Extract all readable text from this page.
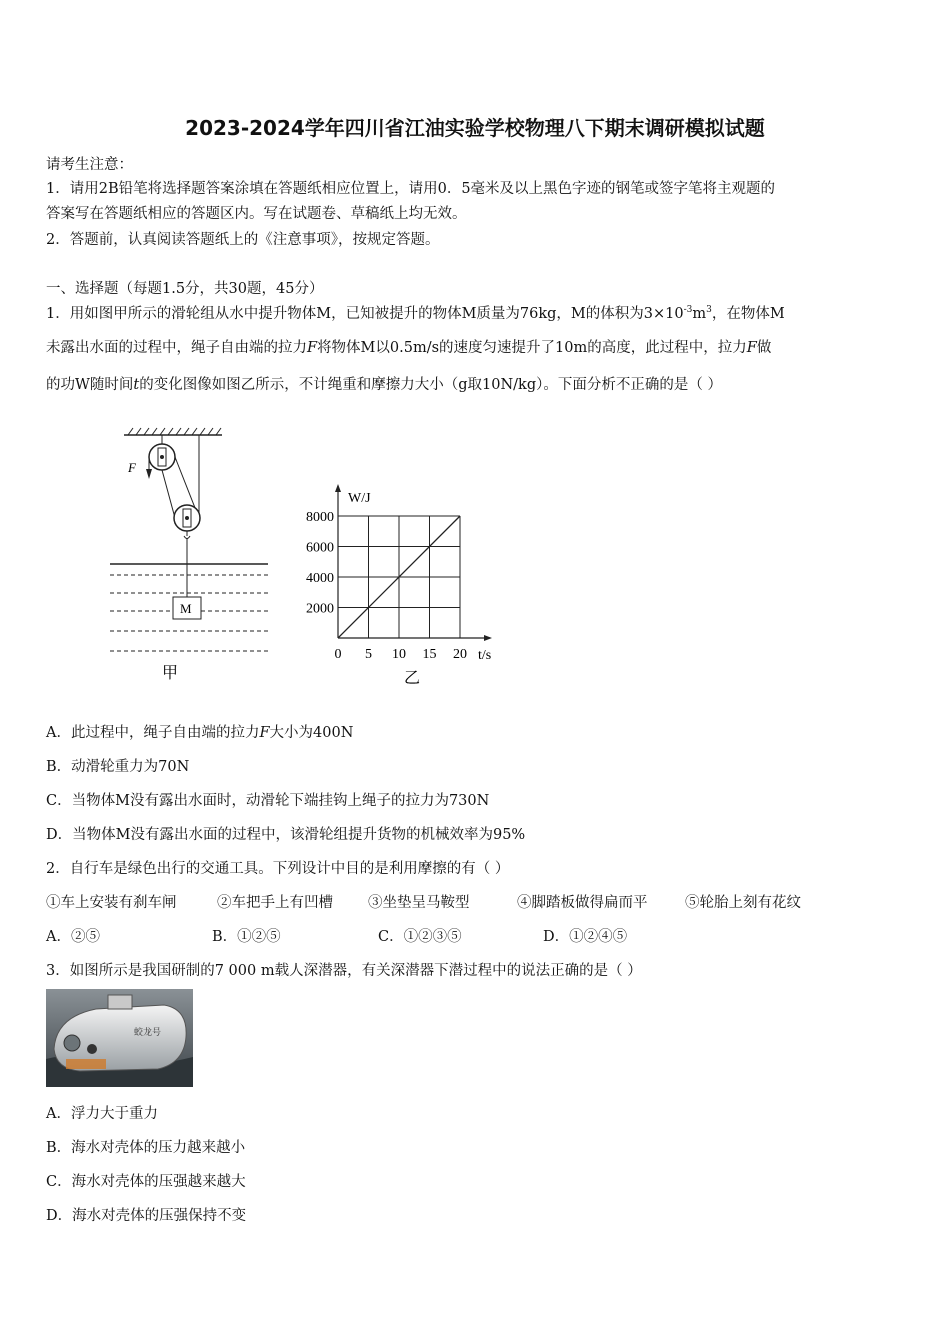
2023-2024学年四川省江油实验学校物理八下期末调研模拟试题
请考生注意：
1．请用2B铅笔将选择题答案涂填在答题纸相应位置上，请用0．5毫米及以上黑色字迹的钢笔或签字笔将主观题的
答案写在答题纸相应的答题区内。写在试题卷、草稿纸上均无效。
2．答题前，认真阅读答题纸上的《注意事项》，按规定答题。
一、选择题（每题1.5分，共30题，45分）
1．用如图甲所示的滑轮组从水中提升物体M，已知被提升的物体M质量为76kg，M的体积为$3\times 10^{-3}m^3$，在物体M
未露出水面的过程中，绳子自由端的拉力F将物体M以0.5m/s的速度匀速提升了10m的高度，此过程中，拉力F做
的功W随时间t的变化图像如图乙所示，不计绳重和摩擦力大小（g取10N/kg）。下面分析不正确的是（ ）
F
M
甲
0 5 10 15 20
2000
4000
6000
8000
t/s
W/J
乙
A．此过程中，绳子自由端的拉力F大小为400N
B．动滑轮重力为70N
C．当物体M没有露出水面时，动滑轮下端挂钩上绳子的拉力为730N
D．当物体M没有露出水面的过程中，该滑轮组提升货物的机械效率为95%
2．自行车是绿色出行的交通工具。下列设计中目的是利用摩擦的有（ ）
①车上安装有刹车闸	②车把手上有凹槽 ③坐垫呈马鞍型	④脚踏板做得扁而平	⑤轮胎上刻有花纹
A．②⑤	B．①②⑤	C．①②③⑤	D．①②④⑤
3．如图所示是我国研制的7 000 m载人深潜器，有关深潜器下潜过程中的说法正确的是（ ）
蛟龙号
A．浮力大于重力
B．海水对壳体的压力越来越小
C．海水对壳体的压强越来越大
D．海水对壳体的压强保持不变
